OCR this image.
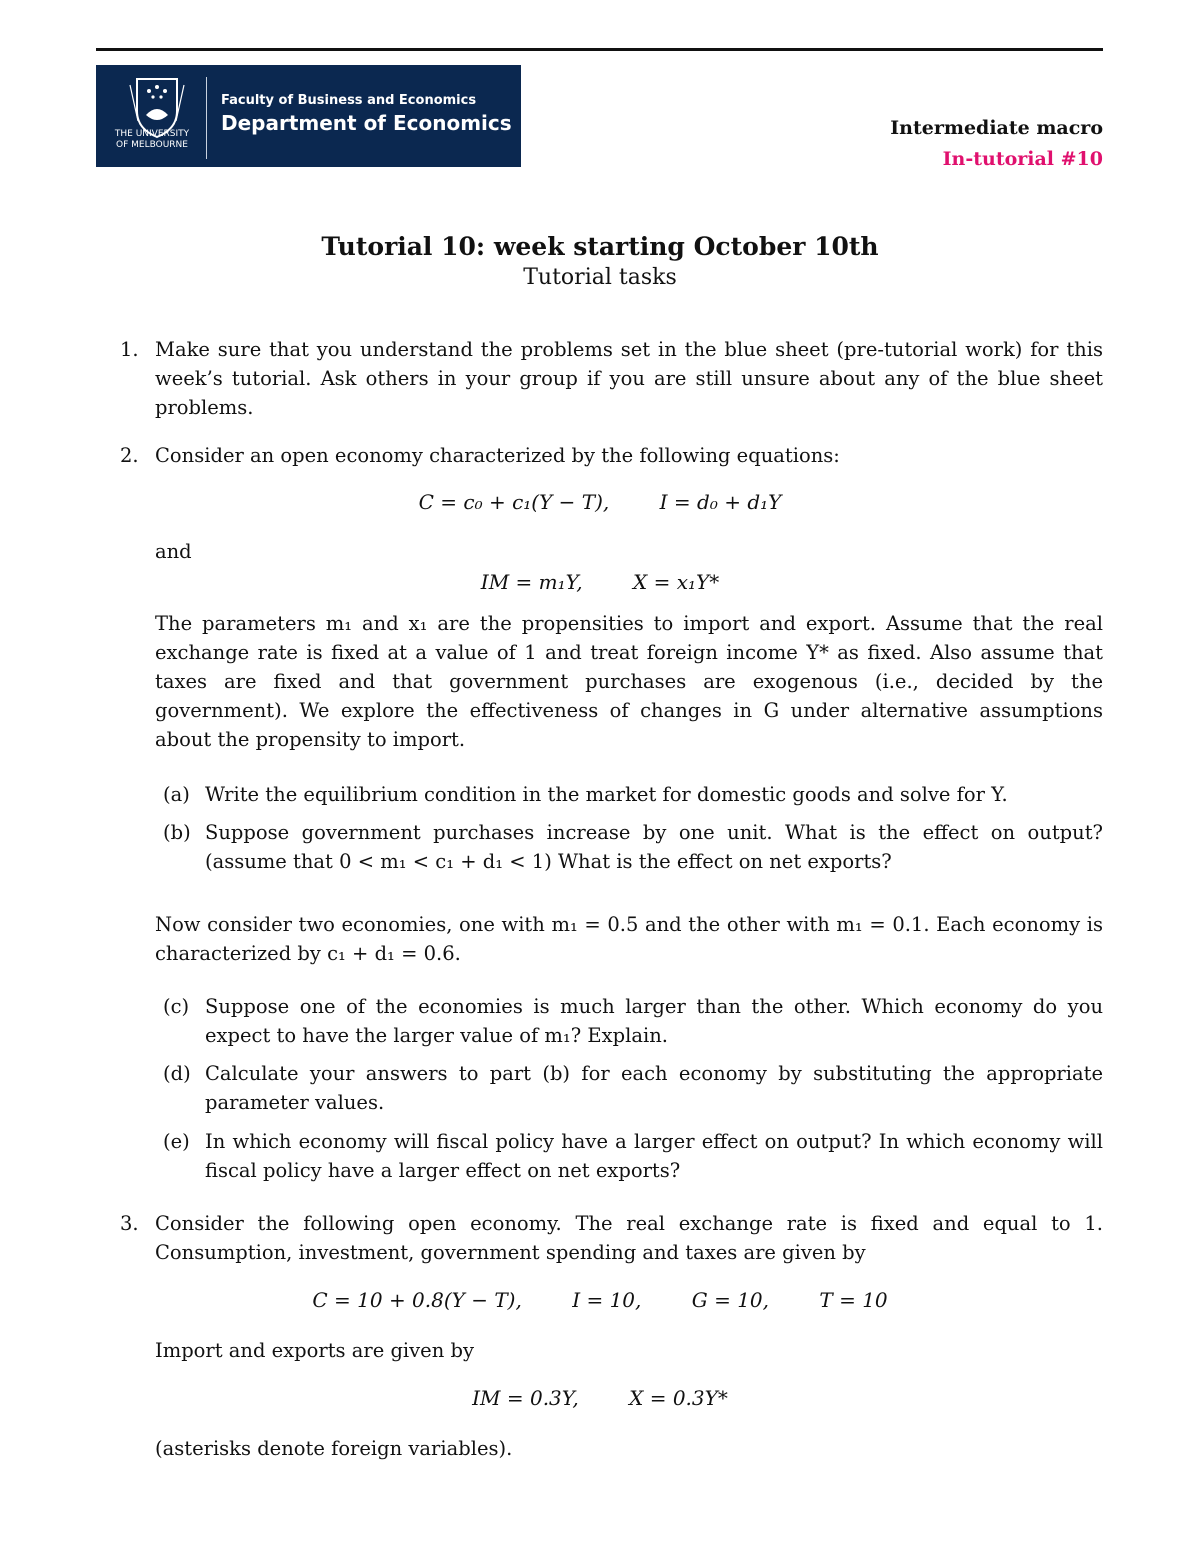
THE UNIVERSITY OF MELBOURNE
Faculty of Business and Economics
Department of Economics	Intermediate macro

In-tutorial #10

Tutorial 10: week starting October 10th

Tutorial tasks

1. Make sure that you understand the problems set in the blue sheet (pre-tutorial work) for this week’s tutorial. Ask others in your group if you are still unsure about any of the blue sheet problems.
2. Consider an open economy characterized by the following equations:
C = c₀ + c₁(Y − T),	I = d₀ + d₁Y
and
IM = m₁Y,	X = x₁Y*
The parameters m₁ and x₁ are the propensities to import and export. Assume that the real exchange rate is fixed at a value of 1 and treat foreign income Y* as fixed. Also assume that taxes are fixed and that government purchases are exogenous (i.e., decided by the government). We explore the effectiveness of changes in G under alternative assumptions about the propensity to import.
(a) Write the equilibrium condition in the market for domestic goods and solve for Y.
(b) Suppose government purchases increase by one unit. What is the effect on output? (assume that 0 < m₁ < c₁ + d₁ < 1) What is the effect on net exports?
Now consider two economies, one with m₁ = 0.5 and the other with m₁ = 0.1. Each economy is characterized by c₁ + d₁ = 0.6.
(c) Suppose one of the economies is much larger than the other. Which economy do you expect to have the larger value of m₁? Explain.
(d) Calculate your answers to part (b) for each economy by substituting the appropriate parameter values.
(e) In which economy will fiscal policy have a larger effect on output? In which economy will fiscal policy have a larger effect on net exports?
3. Consider the following open economy. The real exchange rate is fixed and equal to 1. Consumption, investment, government spending and taxes are given by
C = 10 + 0.8(Y − T),	I = 10,	G = 10,	T = 10
Import and exports are given by
IM = 0.3Y,	X = 0.3Y*
(asterisks denote foreign variables).
